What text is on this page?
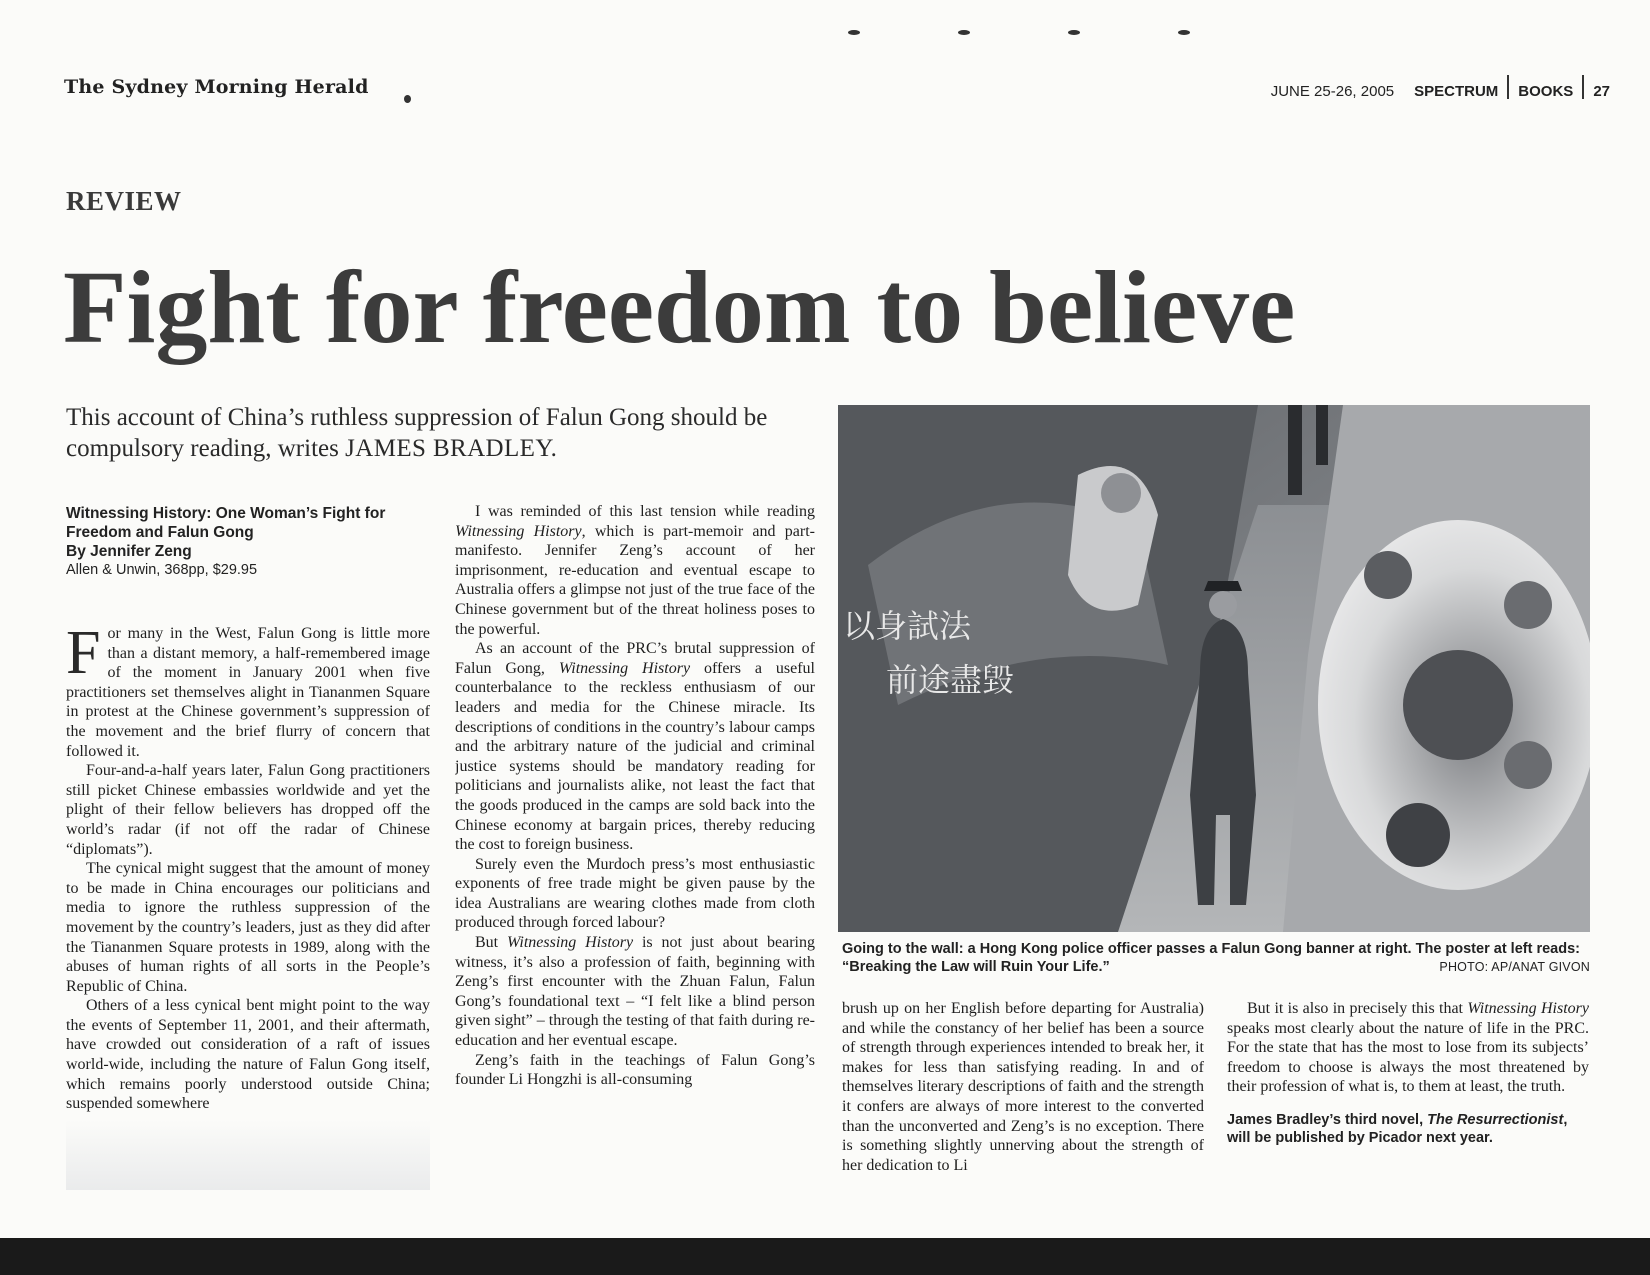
The Sydney Morning Herald	JUNE 25-26, 2005 SPECTRUM BOOKS 27
REVIEW
Fight for freedom to believe
This account of China’s ruthless suppression of Falun Gong should be compulsory reading, writes JAMES BRADLEY.
Witnessing History: One Woman’s Fight for Freedom and Falun Gong
By Jennifer Zeng
Allen & Unwin, 368pp, $29.95

For many in the West, Falun Gong is little more than a distant memory, a half-remembered image of the moment in January 2001 when five practitioners set themselves alight in Tiananmen Square in protest at the Chinese government’s suppression of the movement and the brief flurry of concern that followed it.

Four-and-a-half years later, Falun Gong practitioners still picket Chinese embassies worldwide and yet the plight of their fellow believers has dropped off the world’s radar (if not off the radar of Chinese “diplomats”).

The cynical might suggest that the amount of money to be made in China encourages our politicians and media to ignore the ruthless suppression of the movement by the country’s leaders, just as they did after the Tiananmen Square protests in 1989, along with the abuses of human rights of all sorts in the People’s Republic of China.

Others of a less cynical bent might point to the way the events of September 11, 2001, and their aftermath, have crowded out consideration of a raft of issues world-wide, including the nature of Falun Gong itself, which remains poorly understood outside China; suspended somewhere

I was reminded of this last tension while reading Witnessing History, which is part-memoir and part-manifesto. Jennifer Zeng’s account of her imprisonment, re-education and eventual escape to Australia offers a glimpse not just of the true face of the Chinese government but of the threat holiness poses to the powerful.

As an account of the PRC’s brutal suppression of Falun Gong, Witnessing History offers a useful counterbalance to the reckless enthusiasm of our leaders and media for the Chinese miracle. Its descriptions of conditions in the country’s labour camps and the arbitrary nature of the judicial and criminal justice systems should be mandatory reading for politicians and journalists alike, not least the fact that the goods produced in the camps are sold back into the Chinese economy at bargain prices, thereby reducing the cost to foreign business.

Surely even the Murdoch press’s most enthusiastic exponents of free trade might be given pause by the idea Australians are wearing clothes made from cloth produced through forced labour?

But Witnessing History is not just about bearing witness, it’s also a profession of faith, beginning with Zeng’s first encounter with the Zhuan Falun, Falun Gong’s foundational text – “I felt like a blind person given sight” – through the testing of that faith during re-education and her eventual escape.

Zeng’s faith in the teachings of Falun Gong’s founder Li Hongzhi is all-consuming

以身試法
前途盡毀
Going to the wall: a Hong Kong police officer passes a Falun Gong banner at right. The poster at left reads: “Breaking the Law will Ruin Your Life.”	PHOTO: AP/ANAT GIVON

brush up on her English before departing for Australia) and while the constancy of her belief has been a source of strength through experiences intended to break her, it makes for less than satisfying reading. In and of themselves literary descriptions of faith and the strength it confers are always of more interest to the converted than the unconverted and Zeng’s is no exception. There is something slightly unnerving about the strength of her dedication to Li

But it is also in precisely this that Witnessing History speaks most clearly about the nature of life in the PRC. For the state that has the most to lose from its subjects’ freedom to choose is always the most threatened by their profession of what is, to them at least, the truth.

James Bradley’s third novel, The Resurrectionist, will be published by Picador next year.
